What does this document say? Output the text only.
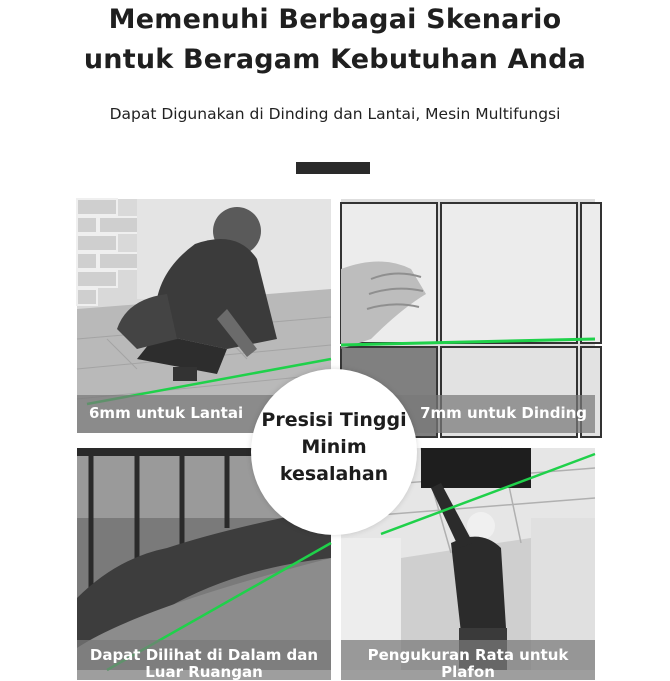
Memenuhi Berbagai Skenario
untuk Beragam Kebutuhan Anda
Dapat Digunakan di Dinding dan Lantai, Mesin Multifungsi
6mm untuk Lantai	7mm untuk Dinding
Dapat Dilihat di Dalam dan Luar Ruangan
Pengukuran Rata untuk Plafon
Presisi Tinggi
Minim
kesalahan
